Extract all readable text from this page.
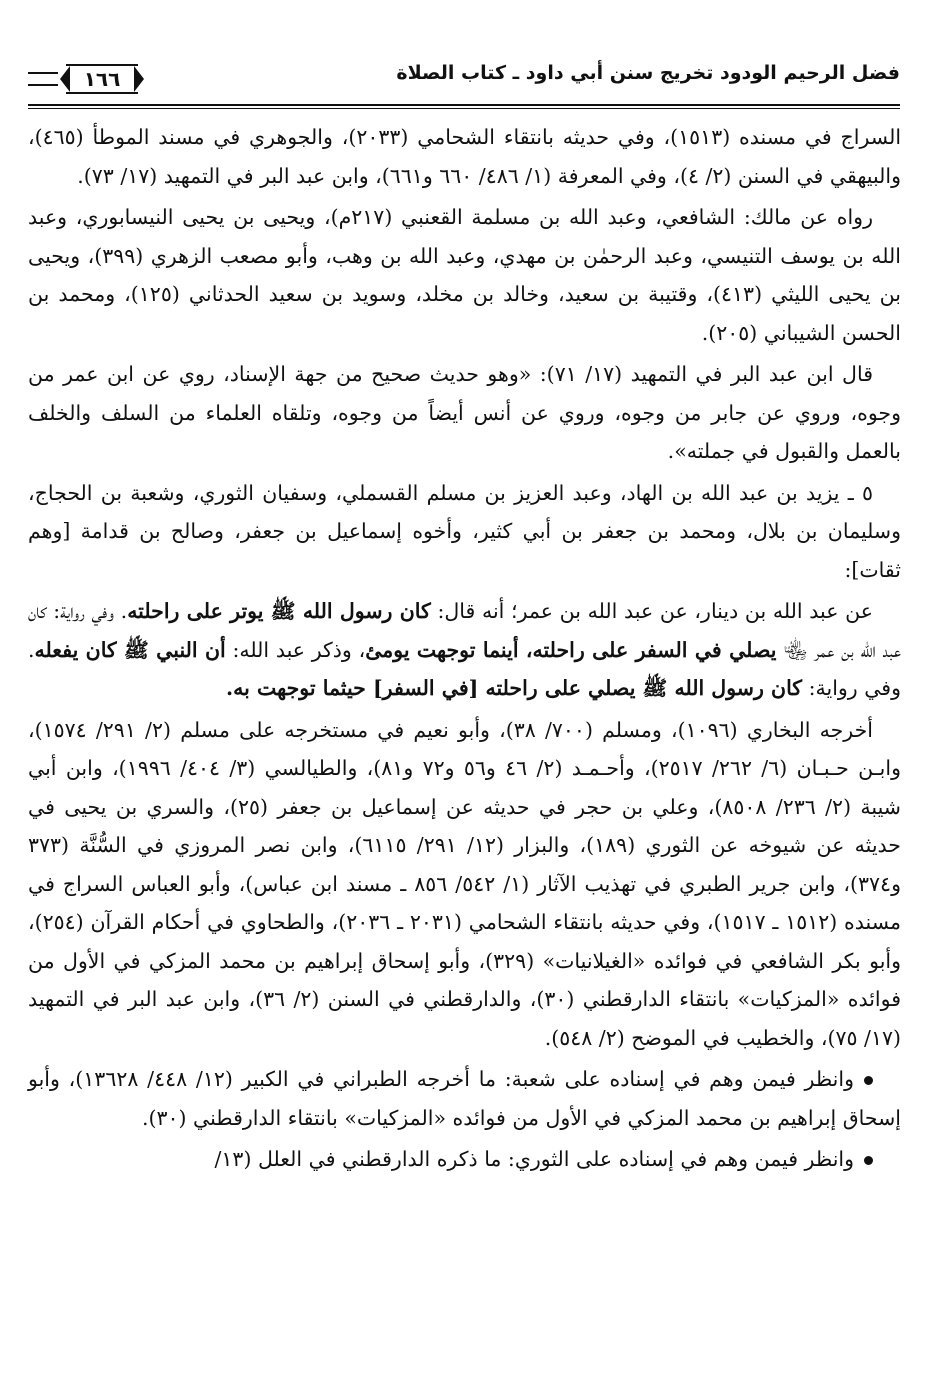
فضل الرحيم الودود تخريج سنن أبي داود ـ كتاب الصلاة
١٦٦

السراج في مسنده (١٥١٣)، وفي حديثه بانتقاء الشحامي (٢٠٣٣)، والجوهري في مسند الموطأ (٤٦٥)، والبيهقي في السنن (٢/ ٤)، وفي المعرفة (١/ ٤٨٦/ ٦٦٠ و٦٦١)، وابن عبد البر في التمهيد (١٧/ ٧٣).

رواه عن مالك: الشافعي، وعبد الله بن مسلمة القعنبي (٢١٧م)، ويحيى بن يحيى النيسابوري، وعبد الله بن يوسف التنيسي، وعبد الرحمٰن بن مهدي، وعبد الله بن وهب، وأبو مصعب الزهري (٣٩٩)، ويحيى بن يحيى الليثي (٤١٣)، وقتيبة بن سعيد، وخالد بن مخلد، وسويد بن سعيد الحدثاني (١٢٥)، ومحمد بن الحسن الشيباني (٢٠٥).

قال ابن عبد البر في التمهيد (١٧/ ٧١): «وهو حديث صحيح من جهة الإسناد، روي عن ابن عمر من وجوه، وروي عن جابر من وجوه، وروي عن أنس أيضاً من وجوه، وتلقاه العلماء من السلف والخلف بالعمل والقبول في جملته».

٥ ـ يزيد بن عبد الله بن الهاد، وعبد العزيز بن مسلم القسملي، وسفيان الثوري، وشعبة بن الحجاج، وسليمان بن بلال، ومحمد بن جعفر بن أبي كثير، وأخوه إسماعيل بن جعفر، وصالح بن قدامة [وهم ثقات]:

عن عبد الله بن دينار، عن عبد الله بن عمر؛ أنه قال: كان رسول الله ﷺ يوتر على راحلته. وفي رواية: كان عبد الله بن عمر ﵄ يصلي في السفر على راحلته، أينما توجهت يومئ، وذكر عبد الله: أن النبي ﷺ كان يفعله. وفي رواية: كان رسول الله ﷺ يصلي على راحلته [في السفر] حيثما توجهت به.

أخرجه البخاري (١٠٩٦)، ومسلم (٧٠٠/ ٣٨)، وأبو نعيم في مستخرجه على مسلم (٢/ ٢٩١/ ١٥٧٤)، وابـن حـبـان (٦/ ٢٦٢/ ٢٥١٧)، وأحـمـد (٢/ ٤٦ و٥٦ و٧٢ و٨١)، والطيالسي (٣/ ٤٠٤/ ١٩٩٦)، وابن أبي شيبة (٢/ ٢٣٦/ ٨٥٠٨)، وعلي بن حجر في حديثه عن إسماعيل بن جعفر (٢٥)، والسري بن يحيى في حديثه عن شيوخه عن الثوري (١٨٩)، والبزار (١٢/ ٢٩١/ ٦١١٥)، وابن نصر المروزي في السُّنَّة (٣٧٣ و٣٧٤)، وابن جرير الطبري في تهذيب الآثار (١/ ٥٤٢/ ٨٥٦ ـ مسند ابن عباس)، وأبو العباس السراج في مسنده (١٥١٢ ـ ١٥١٧)، وفي حديثه بانتقاء الشحامي (٢٠٣١ ـ ٢٠٣٦)، والطحاوي في أحكام القرآن (٢٥٤)، وأبو بكر الشافعي في فوائده «الغيلانيات» (٣٢٩)، وأبو إسحاق إبراهيم بن محمد المزكي في الأول من فوائده «المزكيات» بانتقاء الدارقطني (٣٠)، والدارقطني في السنن (٢/ ٣٦)، وابن عبد البر في التمهيد (١٧/ ٧٥)، والخطيب في الموضح (٢/ ٥٤٨).

وانظر فيمن وهم في إسناده على شعبة: ما أخرجه الطبراني في الكبير (١٢/ ٤٤٨/ ١٣٦٢٨)، وأبو إسحاق إبراهيم بن محمد المزكي في الأول من فوائده «المزكيات» بانتقاء الدارقطني (٣٠).

وانظر فيمن وهم في إسناده على الثوري: ما ذكره الدارقطني في العلل (١٣/
